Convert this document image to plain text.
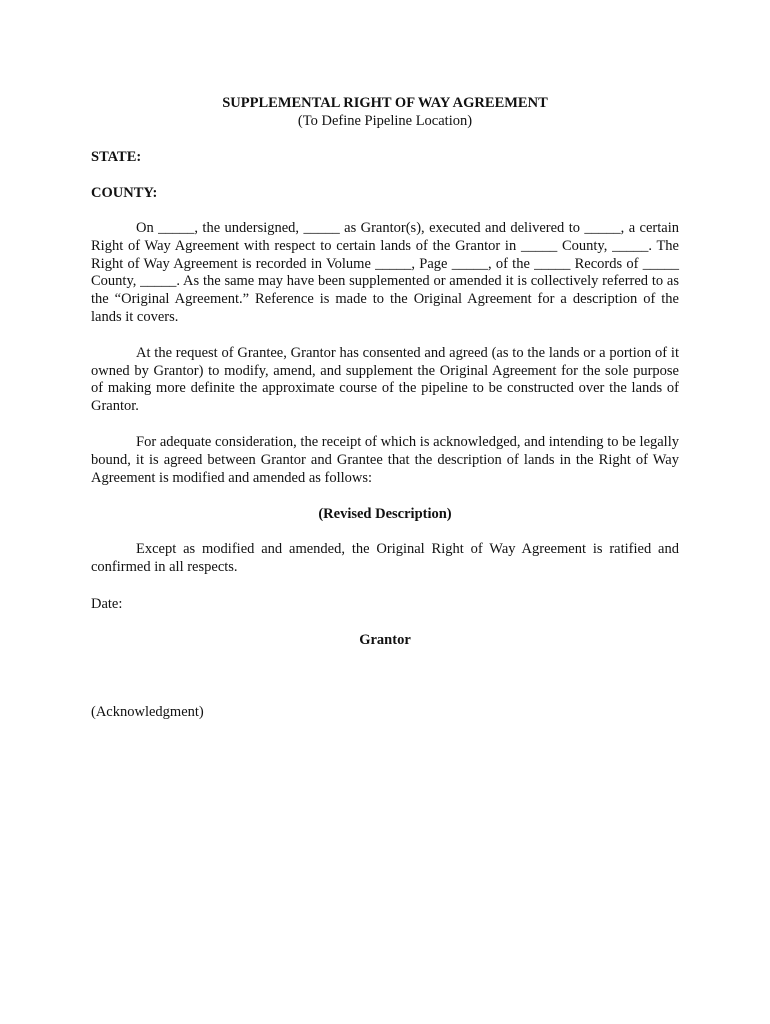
SUPPLEMENTAL RIGHT OF WAY AGREEMENT

(To Define Pipeline Location)

STATE:

COUNTY:

On _____, the undersigned, _____ as Grantor(s), executed and delivered to _____, a certain Right of Way Agreement with respect to certain lands of the Grantor in _____ County, _____. The Right of Way Agreement is recorded in Volume _____, Page _____, of the _____ Records of _____ County, _____. As the same may have been supplemented or amended it is collectively referred to as the “Original Agreement.” Reference is made to the Original Agreement for a description of the lands it covers.

At the request of Grantee, Grantor has consented and agreed (as to the lands or a portion of it owned by Grantor) to modify, amend, and supplement the Original Agreement for the sole purpose of making more definite the approximate course of the pipeline to be constructed over the lands of Grantor.

For adequate consideration, the receipt of which is acknowledged, and intending to be legally bound, it is agreed between Grantor and Grantee that the description of lands in the Right of Way Agreement is modified and amended as follows:

(Revised Description)

Except as modified and amended, the Original Right of Way Agreement is ratified and confirmed in all respects.

Date:

Grantor

(Acknowledgment)
